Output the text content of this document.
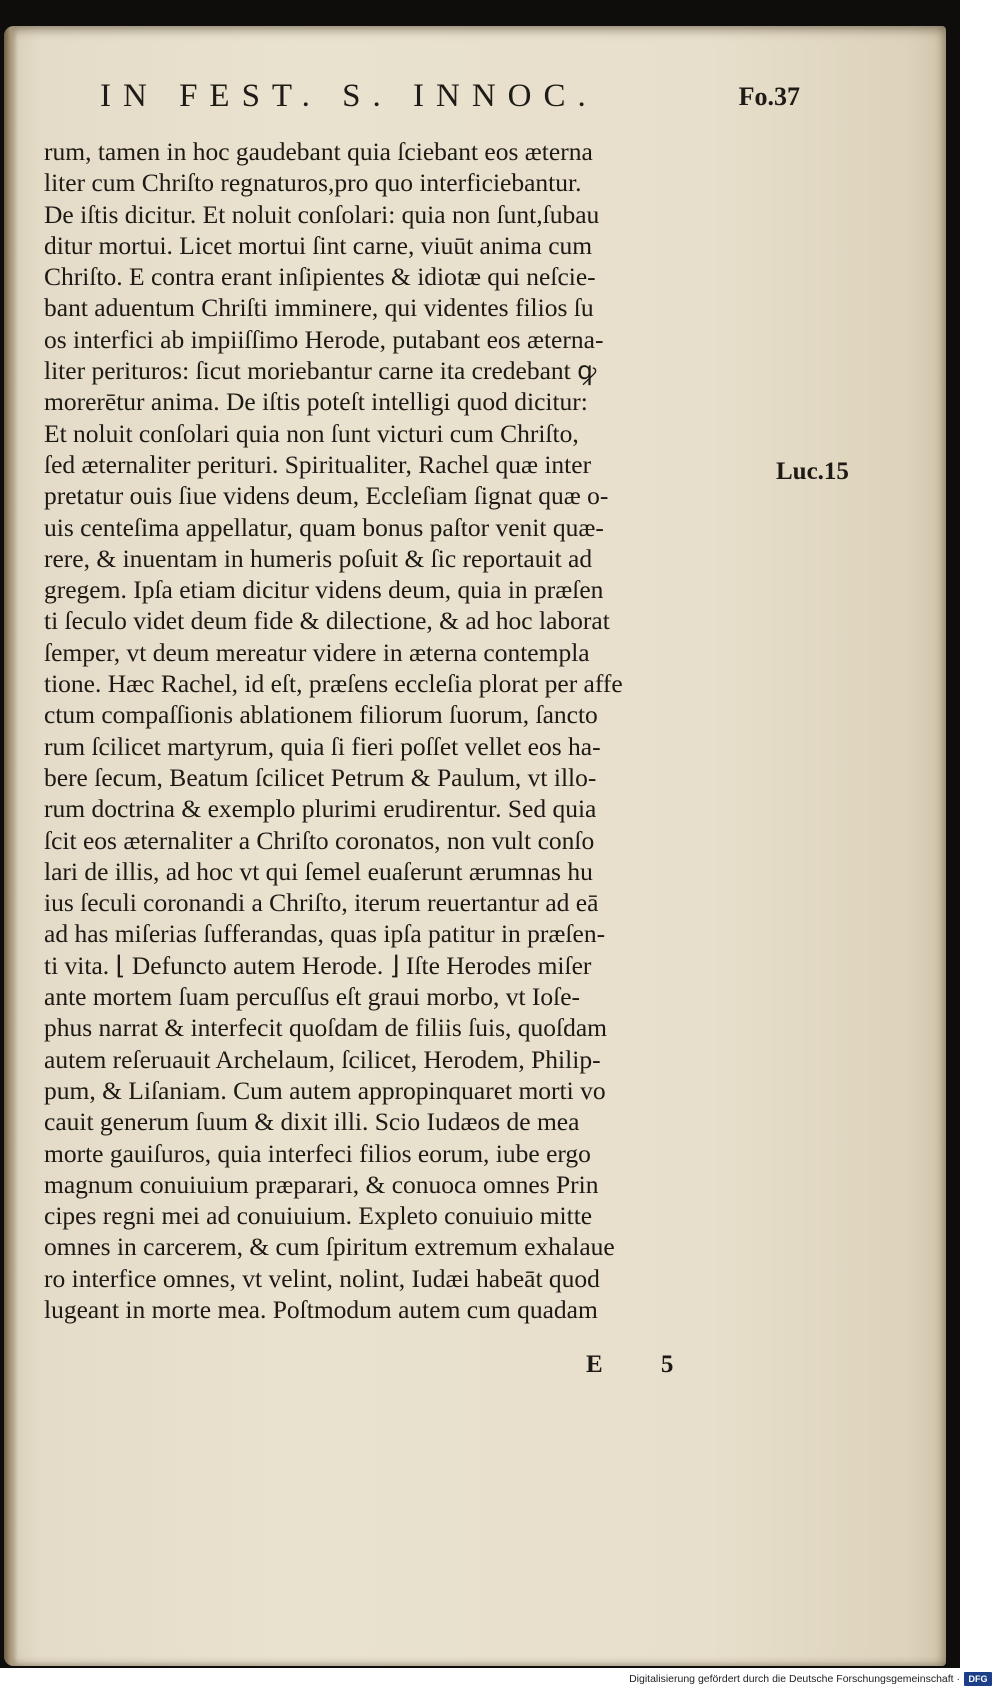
IN FEST. S. INNOC.	Fo.37
rum, tamen in hoc gaudebant quia ſciebant eos æterna
liter cum Chriſto regnaturos,pro quo interficiebantur.
De iſtis dicitur. Et noluit conſolari: quia non ſunt,ſubau
ditur mortui. Licet mortui ſint carne, viuūt anima cum
Chriſto. E contra erant inſipientes & idiotæ qui neſcie-
bant aduentum Chriſti imminere, qui videntes filios ſu
os interfici ab impiiſſimo Herode, putabant eos æterna-
liter perituros: ſicut moriebantur carne ita credebant ꝙ
morerētur anima. De iſtis poteſt intelligi quod dicitur:
Et noluit conſolari quia non ſunt victuri cum Chriſto,
ſed æternaliter perituri. Spiritualiter, Rachel quæ inter
pretatur ouis ſiue videns deum, Eccleſiam ſignat quæ o-
uis centeſima appellatur, quam bonus paſtor venit quæ-
rere, & inuentam in humeris poſuit & ſic reportauit ad
gregem. Ipſa etiam dicitur videns deum, quia in præſen
ti ſeculo videt deum fide & dilectione, & ad hoc laborat
ſemper, vt deum mereatur videre in æterna contempla
tione. Hæc Rachel, id eſt, præſens eccleſia plorat per affe
ctum compaſſionis ablationem filiorum ſuorum, ſancto
rum ſcilicet martyrum, quia ſi fieri poſſet vellet eos ha-
bere ſecum, Beatum ſcilicet Petrum & Paulum, vt illo-
rum doctrina & exemplo plurimi erudirentur. Sed quia
ſcit eos æternaliter a Chriſto coronatos, non vult conſo
lari de illis, ad hoc vt qui ſemel euaſerunt ærumnas hu
ius ſeculi coronandi a Chriſto, iterum reuertantur ad eā
ad has miſerias ſufferandas, quas ipſa patitur in præſen-
ti vita. ⌊ Defuncto autem Herode. ⌋ Iſte Herodes miſer
ante mortem ſuam percuſſus eſt graui morbo, vt Ioſe-
phus narrat & interfecit quoſdam de filiis ſuis, quoſdam
autem reſeruauit Archelaum, ſcilicet, Herodem, Philip-
pum, & Liſaniam. Cum autem appropinquaret morti vo
cauit generum ſuum & dixit illi. Scio Iudæos de mea
morte gauiſuros, quia interfeci filios eorum, iube ergo
magnum conuiuium præparari, & conuoca omnes Prin
cipes regni mei ad conuiuium. Expleto conuiuio mitte
omnes in carcerem, & cum ſpiritum extremum exhalaue
ro interfice omnes, vt velint, nolint, Iudæi habeāt quod
lugeant in morte mea. Poſtmodum autem cum quadam
Luc.15
E 5
Digitalisierung gefördert durch die Deutsche Forschungsgemeinschaft · DFG
